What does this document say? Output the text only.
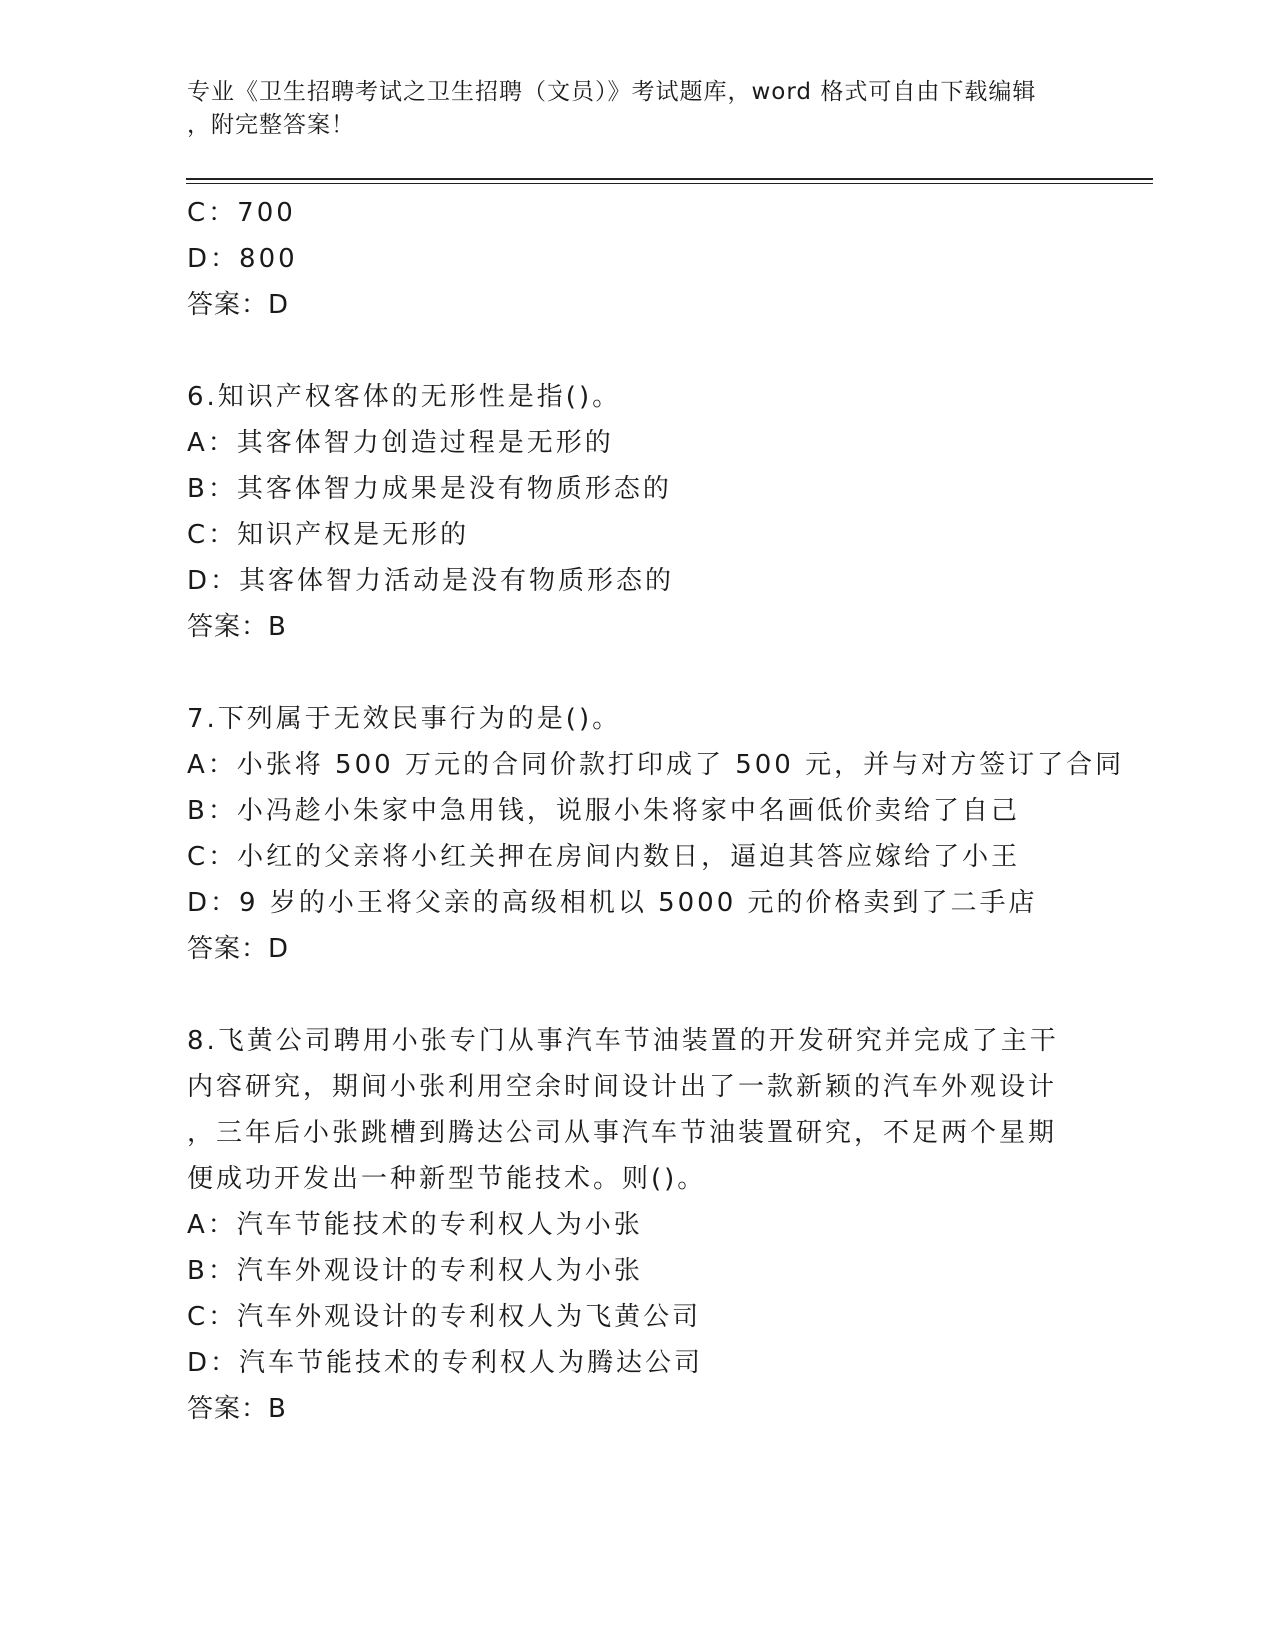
专业《卫生招聘考试之卫生招聘（文员）》考试题库，word 格式可自由下载编辑
，附完整答案！
C：700
D：800
答案：D
6.知识产权客体的无形性是指()。
A：其客体智力创造过程是无形的
B：其客体智力成果是没有物质形态的
C：知识产权是无形的
D：其客体智力活动是没有物质形态的
答案：B
7.下列属于无效民事行为的是()。
A：小张将 500 万元的合同价款打印成了 500 元，并与对方签订了合同
B：小冯趁小朱家中急用钱，说服小朱将家中名画低价卖给了自己
C：小红的父亲将小红关押在房间内数日，逼迫其答应嫁给了小王
D：9 岁的小王将父亲的高级相机以 5000 元的价格卖到了二手店
答案：D
8.飞黄公司聘用小张专门从事汽车节油装置的开发研究并完成了主干
内容研究，期间小张利用空余时间设计出了一款新颖的汽车外观设计
，三年后小张跳槽到腾达公司从事汽车节油装置研究，不足两个星期
便成功开发出一种新型节能技术。则()。
A：汽车节能技术的专利权人为小张
B：汽车外观设计的专利权人为小张
C：汽车外观设计的专利权人为飞黄公司
D：汽车节能技术的专利权人为腾达公司
答案：B
